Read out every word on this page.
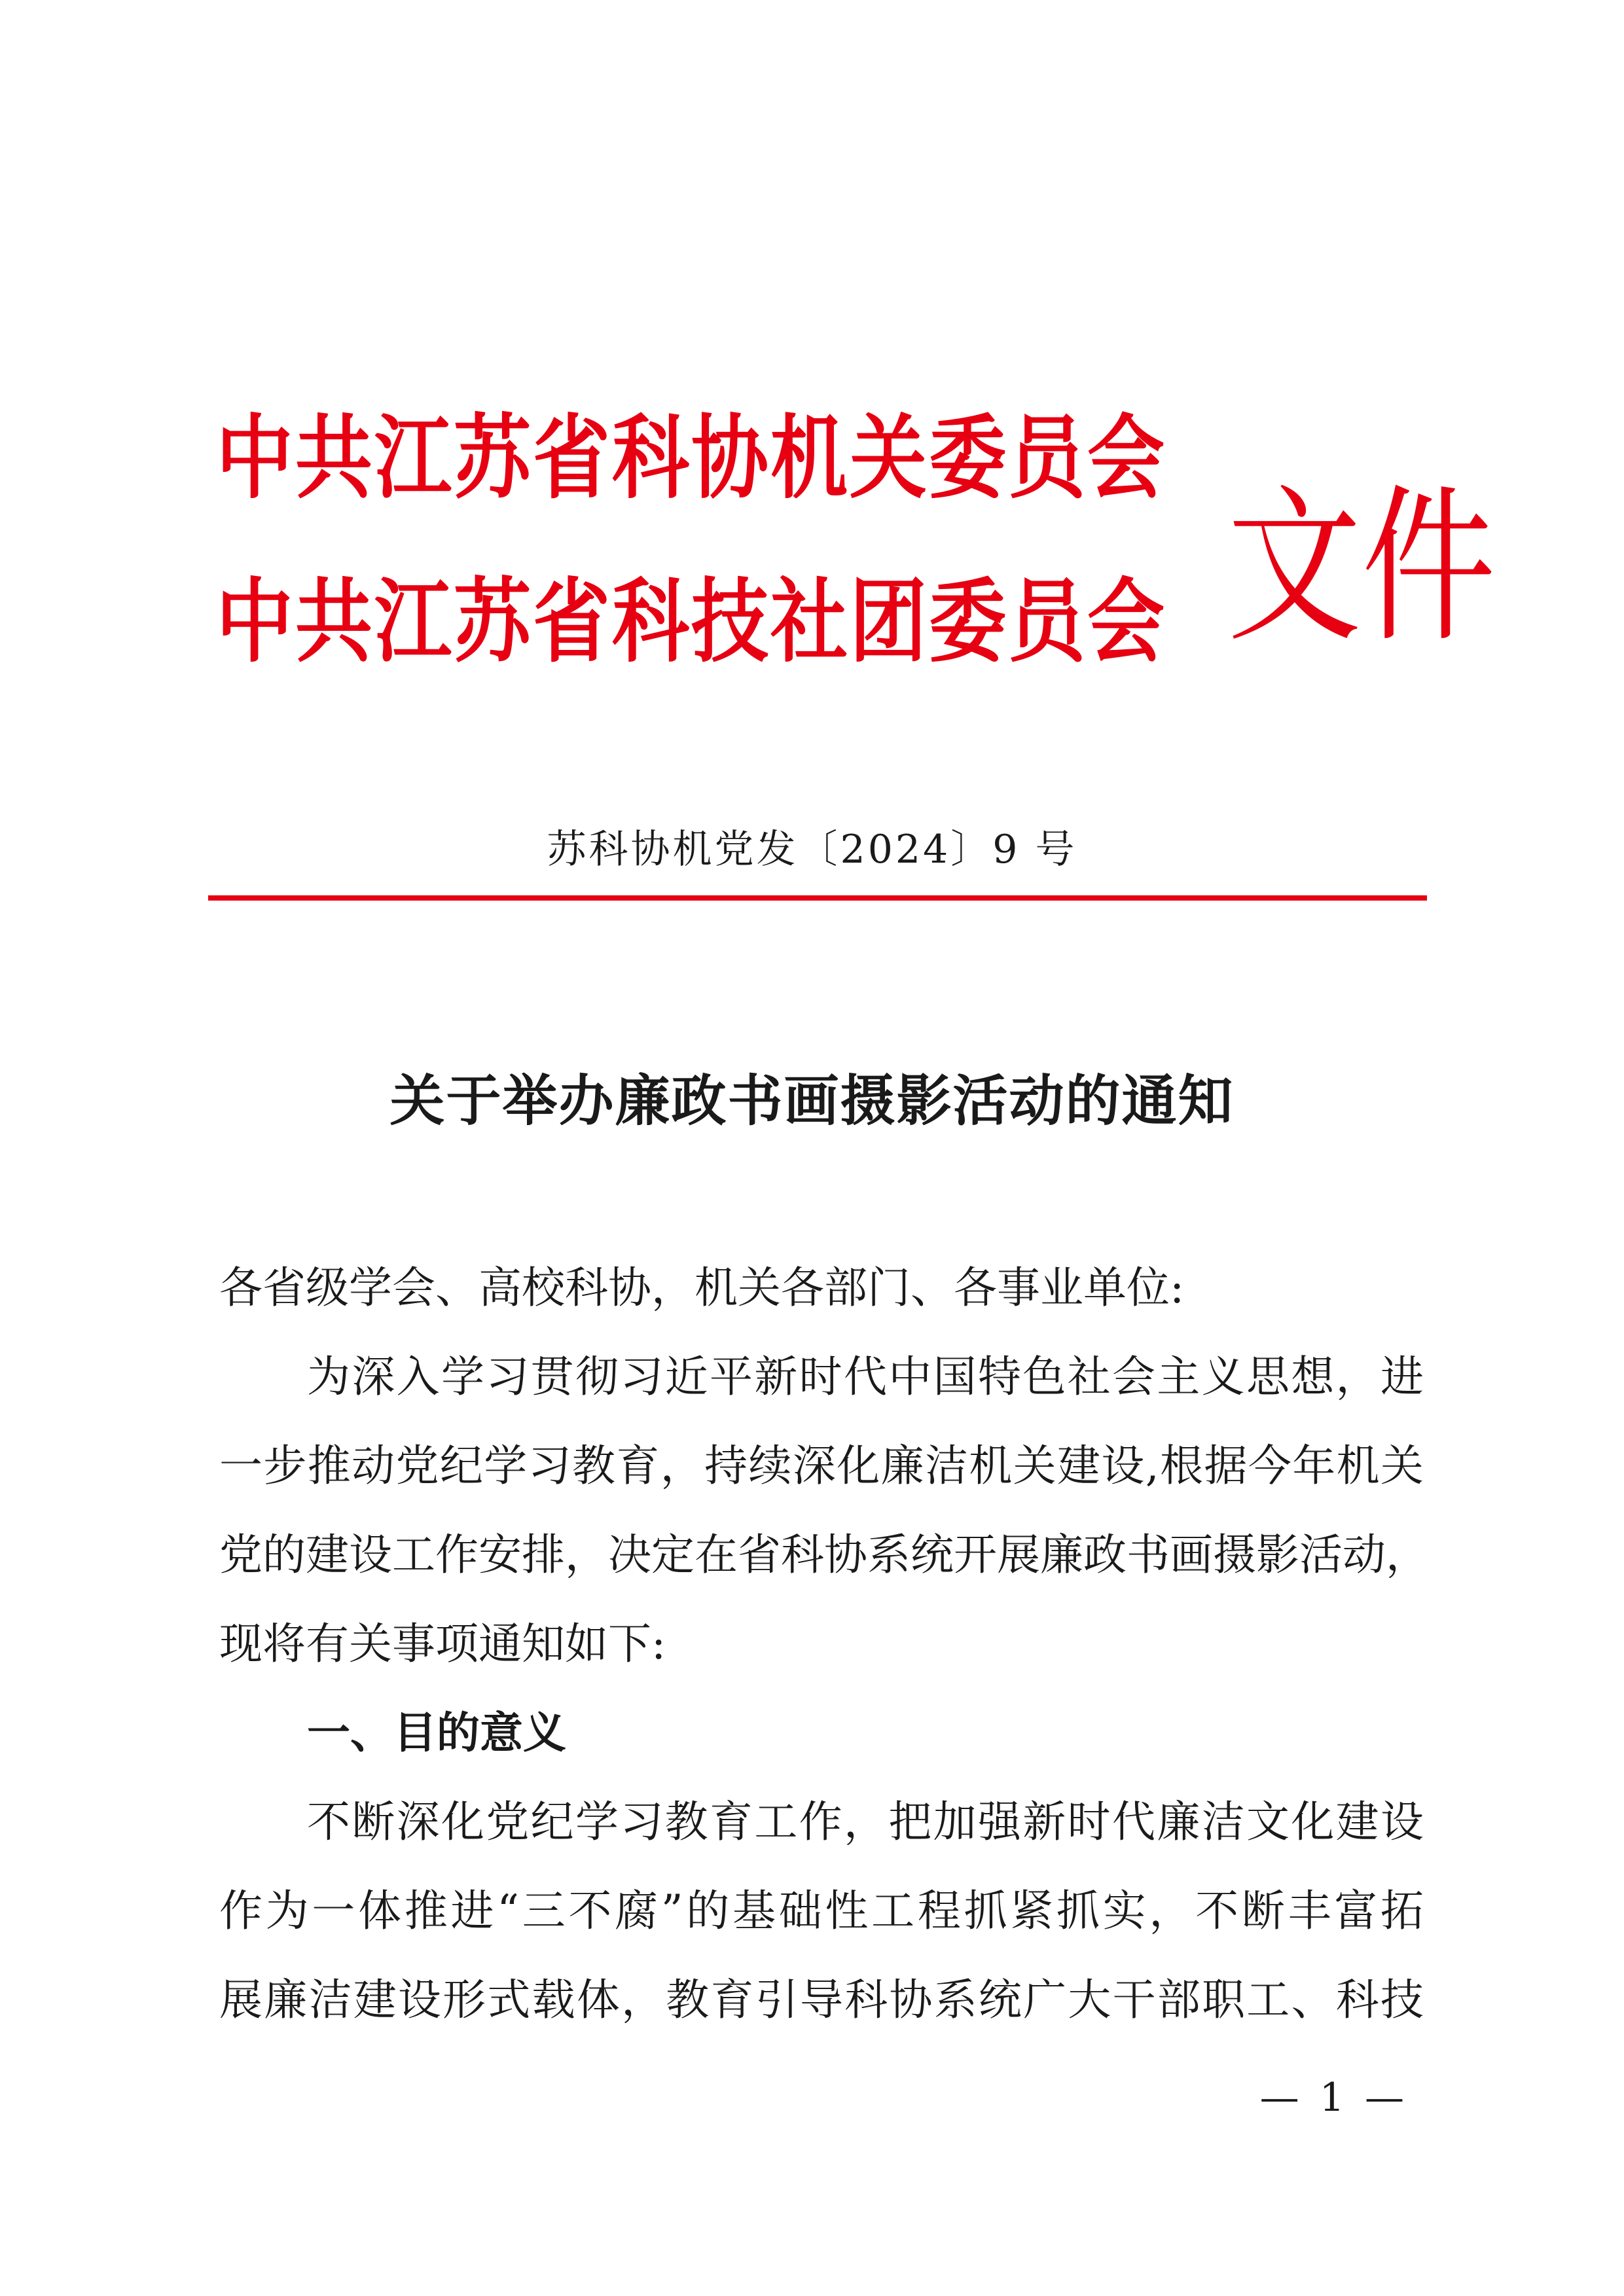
中共江苏省科协机关委员会
中共江苏省科技社团委员会 文件
苏科协机党发〔2024〕9 号
关于举办廉政书画摄影活动的通知
各省级学会、高校科协，机关各部门、各事业单位:
为深入学习贯彻习近平新时代中国特色社会主义思想，进
一步推动党纪学习教育，持续深化廉洁机关建设,根据今年机关
党的建设工作安排，决定在省科协系统开展廉政书画摄影活动，
现将有关事项通知如下:
一、目的意义
不断深化党纪学习教育工作，把加强新时代廉洁文化建设
作为一体推进“三不腐”的基础性工程抓紧抓实，不断丰富拓
展廉洁建设形式载体，教育引导科协系统广大干部职工、科技
— 1 —
